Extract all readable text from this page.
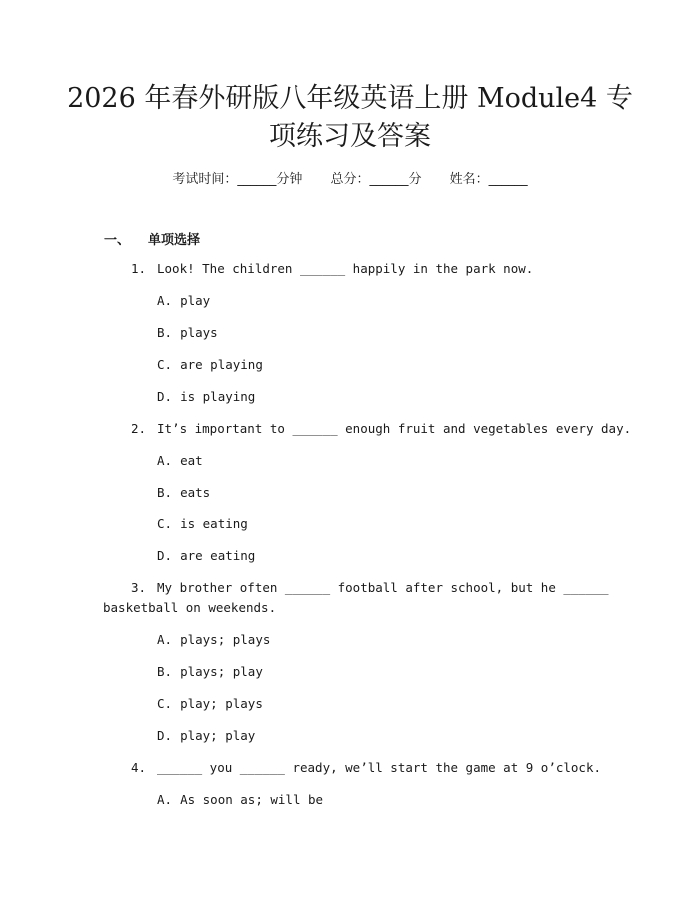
2026 年春外研版八年级英语上册 Module4 专
项练习及答案
考试时间：______分钟 总分：______分 姓名：______
一、 单项选择
1. Look! The children ______ happily in the park now.
A. play
B. plays
C. are playing
D. is playing
2. It’s important to ______ enough fruit and vegetables every day.
A. eat
B. eats
C. is eating
D. are eating
3. My brother often ______ football after school, but he ______
basketball on weekends.
A. plays; plays
B. plays; play
C. play; plays
D. play; play
4. ______ you ______ ready, we’ll start the game at 9 o’clock.
A. As soon as; will be
